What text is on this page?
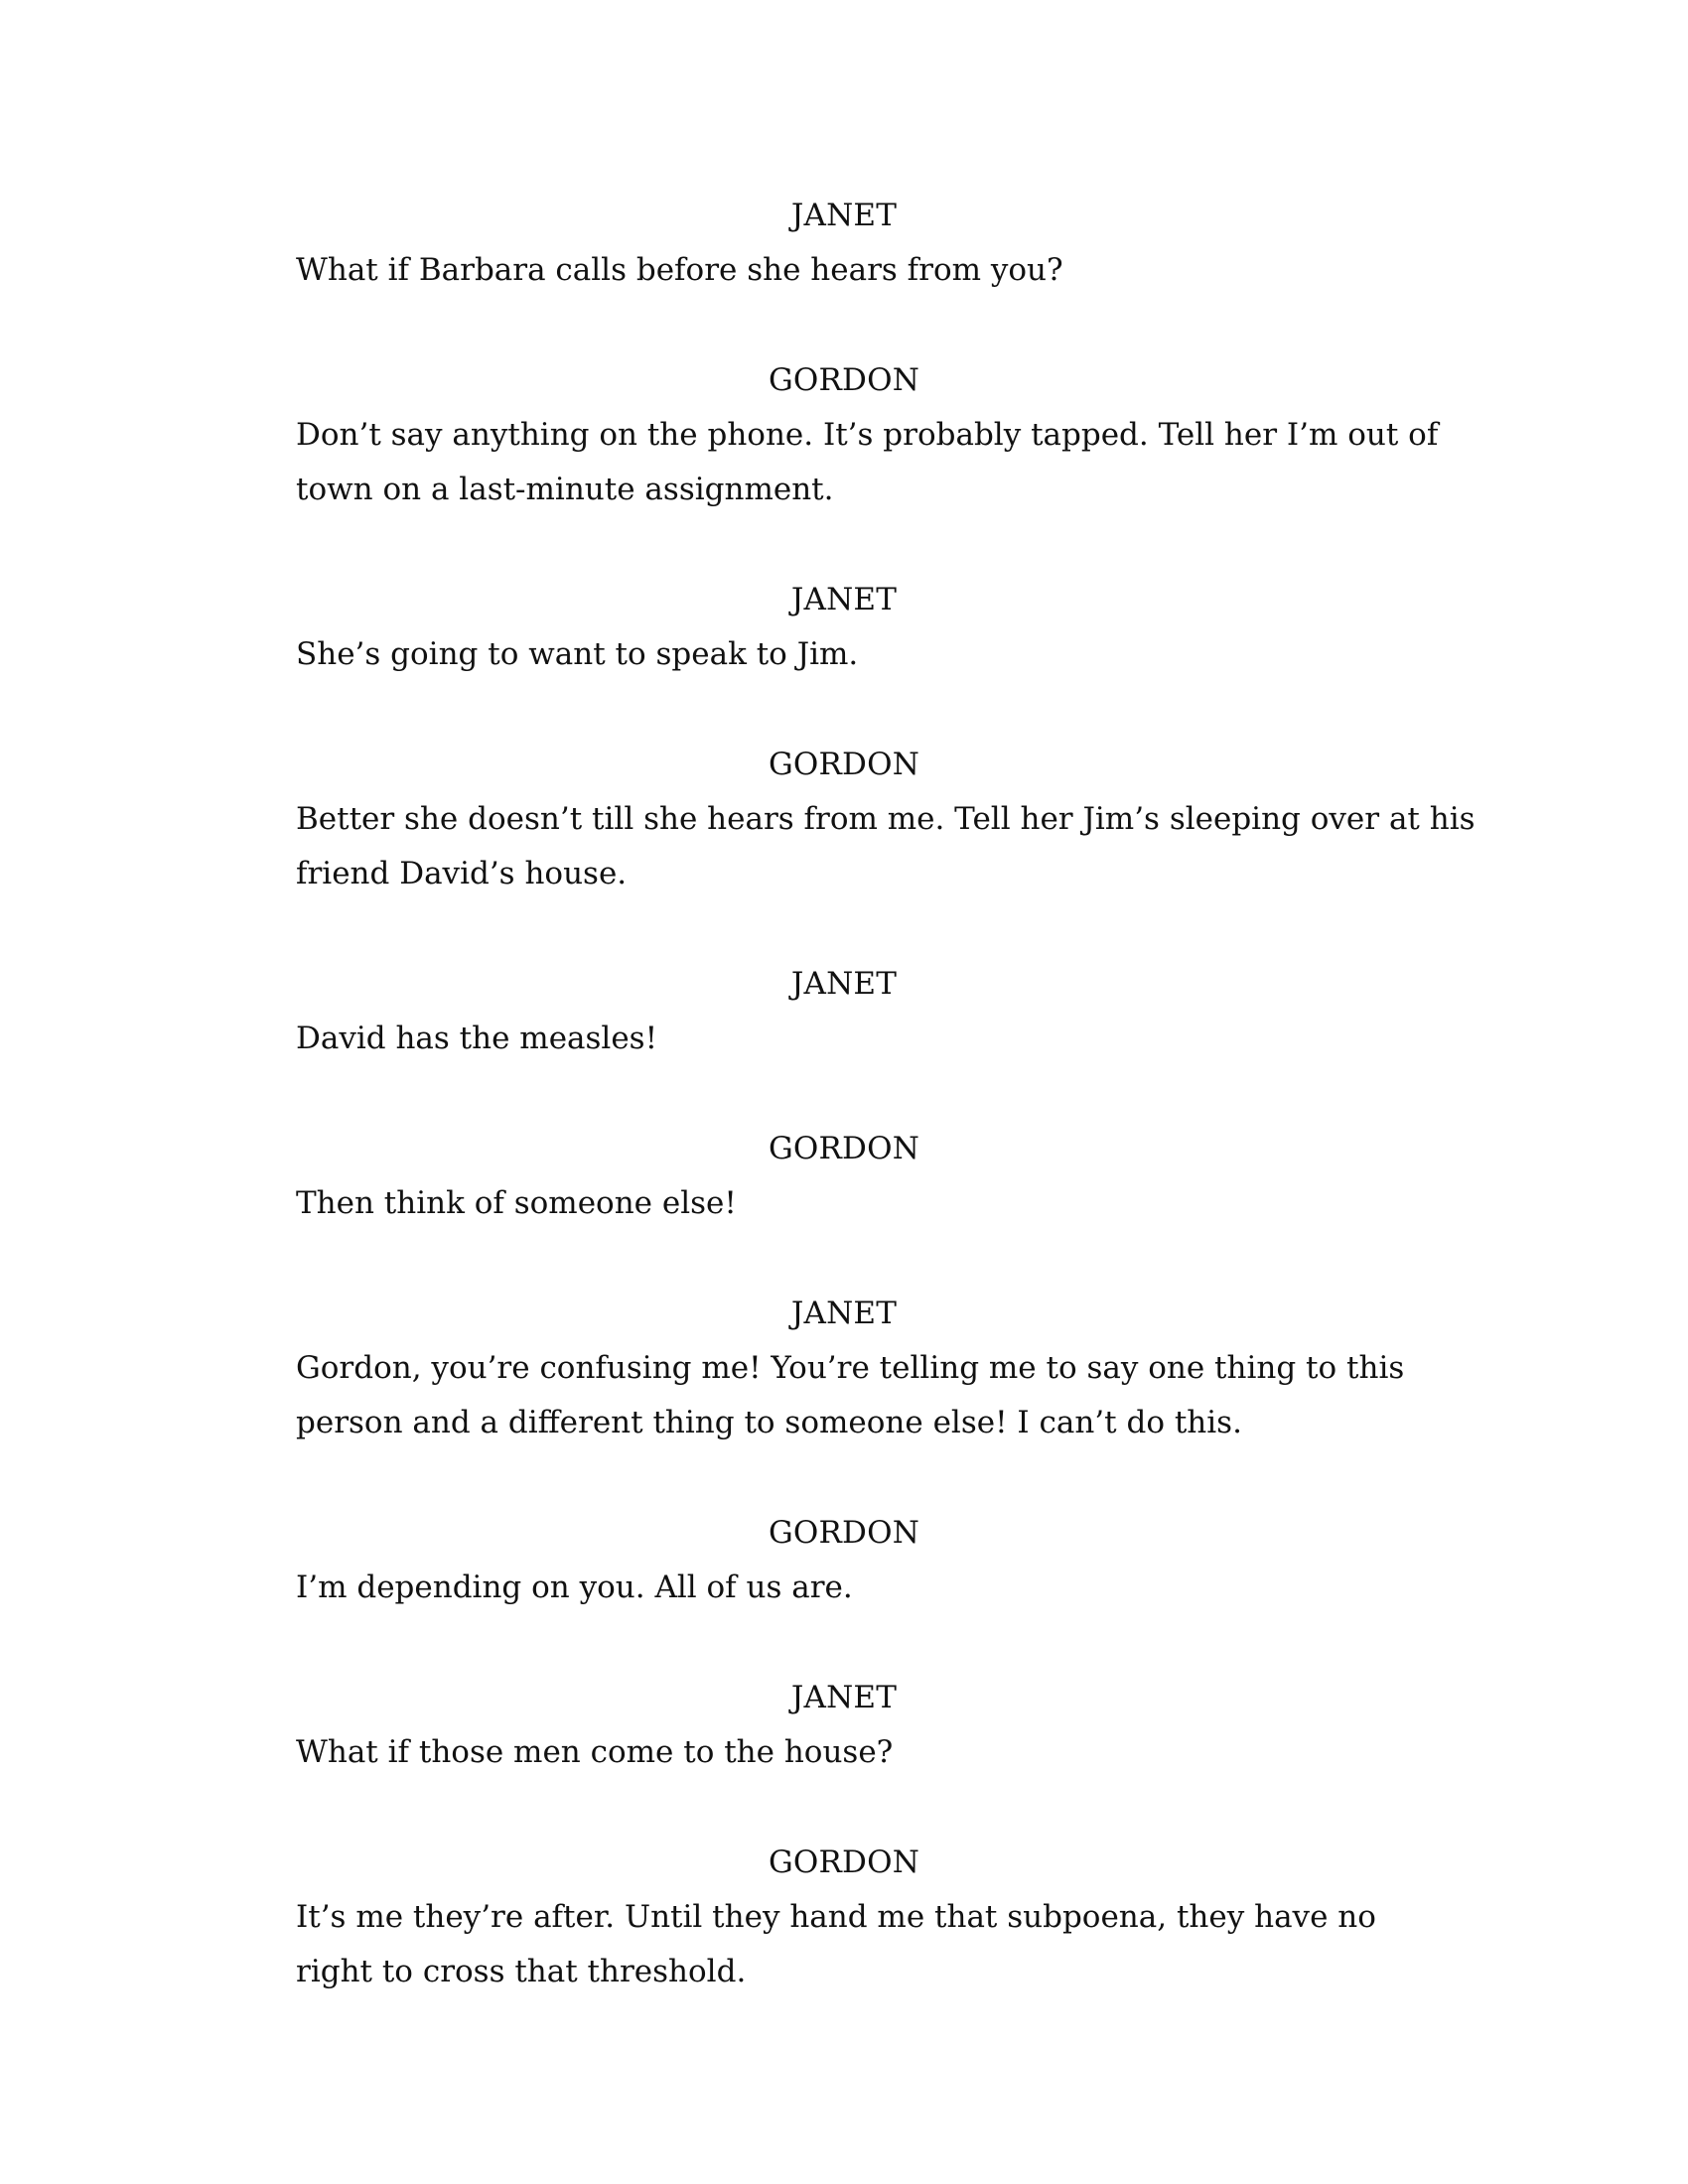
JANET
What if Barbara calls before she hears from you?
GORDON
Don’t say anything on the phone. It’s probably tapped. Tell her I’m out of
town on a last-minute assignment.
JANET
She’s going to want to speak to Jim.
GORDON
Better she doesn’t till she hears from me. Tell her Jim’s sleeping over at his
friend David’s house.
JANET
David has the measles!
GORDON
Then think of someone else!
JANET
Gordon, you’re confusing me! You’re telling me to say one thing to this
person and a different thing to someone else! I can’t do this.
GORDON
I’m depending on you. All of us are.
JANET
What if those men come to the house?
GORDON
It’s me they’re after. Until they hand me that subpoena, they have no
right to cross that threshold.
